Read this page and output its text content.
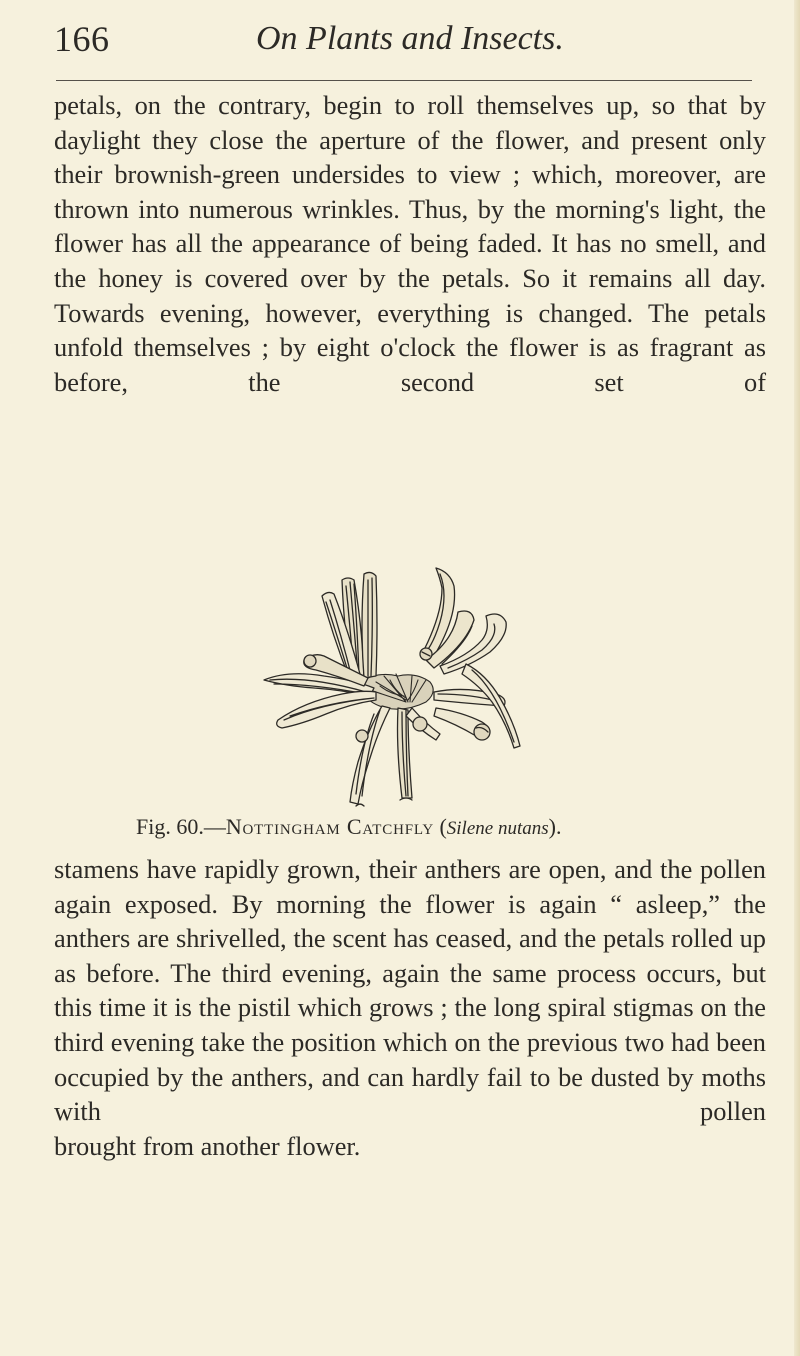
166	On Plants and Insects.

petals, on the contrary, begin to roll themselves up, so that by daylight they close the aperture of the flower, and present only their brownish-green undersides to view ; which, moreover, are thrown into numerous wrinkles. Thus, by the morning's light, the flower has all the appearance of being faded. It has no smell, and the honey is covered over by the petals. So it remains all day. Towards evening, however, everything is changed. The petals unfold themselves ; by eight o'clock the flower is as fragrant as before, the second set of

Fig. 60.—Nottingham Catchfly (Silene nutans).

stamens have rapidly grown, their anthers are open, and the pollen again exposed. By morning the flower is again “ asleep,” the anthers are shrivelled, the scent has ceased, and the petals rolled up as before. The third evening, again the same process occurs, but this time it is the pistil which grows ; the long spiral stigmas on the third evening take the position which on the previous two had been occupied by the anthers, and can hardly fail to be dusted by moths with pollen
brought from another flower.
